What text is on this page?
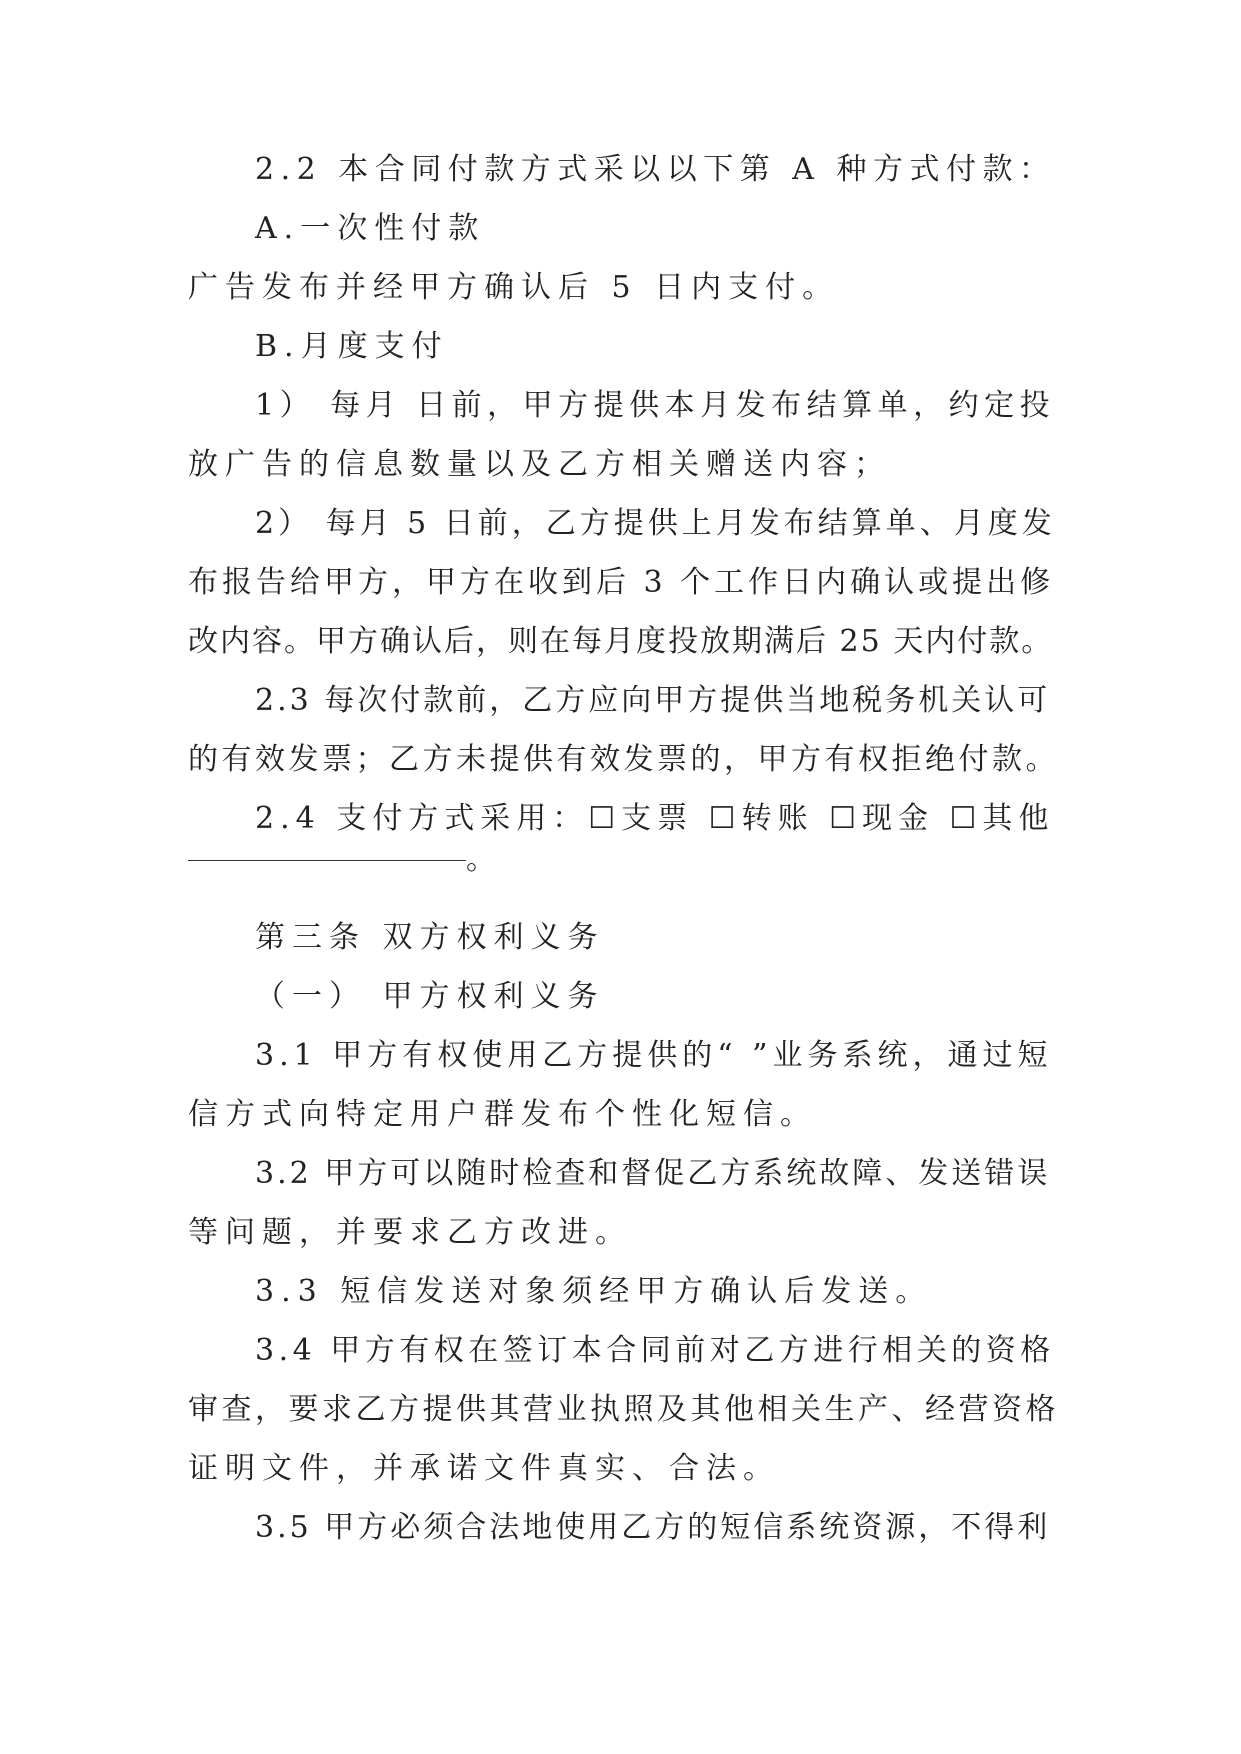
2.2 本合同付款方式采以以下第 A 种方式付款：
A.一次性付款
广告发布并经甲方确认后 5 日内支付。
B.月度支付
1） 每月 日前，甲方提供本月发布结算单，约定投
放广告的信息数量以及乙方相关赠送内容；
2） 每月 5 日前，乙方提供上月发布结算单、月度发
布报告给甲方，甲方在收到后 3 个工作日内确认或提出修
改内容。甲方确认后，则在每月度投放期满后 25 天内付款。
2.3 每次付款前，乙方应向甲方提供当地税务机关认可
的有效发票；乙方未提供有效发票的，甲方有权拒绝付款。
2.4 支付方式采用：☐支票 ☐转账 ☐现金 ☐其他
。
第三条 双方权利义务
（一） 甲方权利义务
3.1 甲方有权使用乙方提供的“ ”业务系统，通过短
信方式向特定用户群发布个性化短信。
3.2 甲方可以随时检查和督促乙方系统故障、发送错误
等问题，并要求乙方改进。
3.3 短信发送对象须经甲方确认后发送。
3.4 甲方有权在签订本合同前对乙方进行相关的资格
审查，要求乙方提供其营业执照及其他相关生产、经营资格
证明文件，并承诺文件真实、合法。
3.5 甲方必须合法地使用乙方的短信系统资源，不得利
